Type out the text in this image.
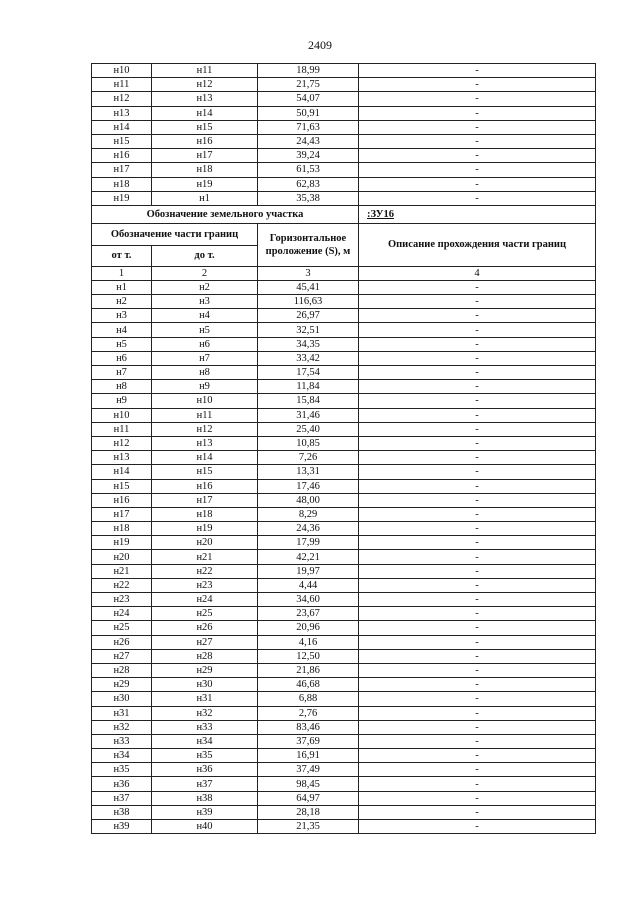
2409
н10	н11	18,99	-
н11	н12	21,75	-
н12	н13	54,07	-
н13	н14	50,91	-
н14	н15	71,63	-
н15	н16	24,43	-
н16	н17	39,24	-
н17	н18	61,53	-
н18	н19	62,83	-
н19	н1	35,38	-
Обозначение земельного участка			:ЗУ16
Обозначение части границ		Горизонтальное проложение (S), м	Описание прохождения части границ
от т.	до т.		
1	2	3	4
н1	н2	45,41	-
н2	н3	116,63	-
н3	н4	26,97	-
н4	н5	32,51	-
н5	н6	34,35	-
н6	н7	33,42	-
н7	н8	17,54	-
н8	н9	11,84	-
н9	н10	15,84	-
н10	н11	31,46	-
н11	н12	25,40	-
н12	н13	10,85	-
н13	н14	7,26	-
н14	н15	13,31	-
н15	н16	17,46	-
н16	н17	48,00	-
н17	н18	8,29	-
н18	н19	24,36	-
н19	н20	17,99	-
н20	н21	42,21	-
н21	н22	19,97	-
н22	н23	4,44	-
н23	н24	34,60	-
н24	н25	23,67	-
н25	н26	20,96	-
н26	н27	4,16	-
н27	н28	12,50	-
н28	н29	21,86	-
н29	н30	46,68	-
н30	н31	6,88	-
н31	н32	2,76	-
н32	н33	83,46	-
н33	н34	37,69	-
н34	н35	16,91	-
н35	н36	37,49	-
н36	н37	98,45	-
н37	н38	64,97	-
н38	н39	28,18	-
н39	н40	21,35	-
